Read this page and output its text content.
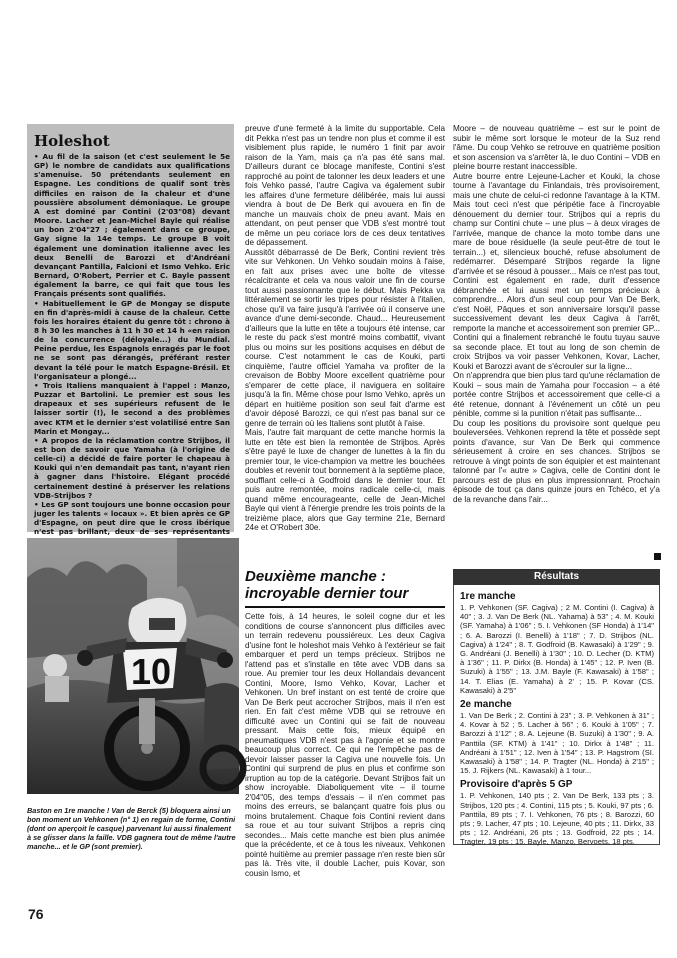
Holeshot

• Au fil de la saison (et c'est seulement le 5e GP) le nombre de candidats aux qualifications s'amenuise. 50 prétendants seulement en Espagne. Les conditions de qualif sont très difficiles en raison de la chaleur et d'une poussière absolument démoniaque. Le groupe A est dominé par Contini (2'03"08) devant Moore. Lacher et Jean-Michel Bayle qui réalise un bon 2'04"27 ; également dans ce groupe, Gay signe la 14e temps. Le groupe B voit également une domination italienne avec les deux Benelli de Barozzi et d'Andréani devançant Pantilla, Falcioni et Ismo Vehko. Eric Bernard, O'Robert, Perrier et C. Bayle passent également la barre, ce qui fait que tous les Français présents sont qualifiés.

• Habituellement le GP de Mongay se dispute en fin d'après-midi à cause de la chaleur. Cette fois les horaires étaient du genre tôt : chrono à 8 h 30 les manches à 11 h 30 et 14 h «en raison de la concurrence (déloyale...) du Mundial. Peine perdue, les Espagnols enragés par le foot ne se sont pas dérangés, préférant rester devant la télé pour le match Espagne-Brésil. Et l'organisateur a plongé...

• Trois Italiens manquaient à l'appel : Manzo, Puzzar et Bartolini. Le premier est sous les drapeaux et ses supérieurs refusent de le laisser sortir (!), le second a des problèmes avec KTM et le dernier s'est volatilisé entre San Marin et Mongay...

• A propos de la réclamation contre Strijbos, il est bon de savoir que Yamaha (à l'origine de celle-ci) a décidé de faire porter le chapeau à Kouki qui n'en demandait pas tant, n'ayant rien à gagner dans l'histoire. Elégant procédé certainement destiné à préserver les relations VDB-Strijbos ?

• Les GP sont toujours une bonne occasion pour juger les talents « locaux ». Et bien après ce GP d'Espagne, on peut dire que le cross ibérique n'est pas brillant, deux de ses représentants

10

Baston en 1re manche ! Van de Berck (5) bloquera ainsi un bon moment un Vehkonen (n° 1) en regain de forme, Contini (dont on aperçoit le casque) parvenant lui aussi finalement à se glisser dans la faille. VDB gagnera tout de même l'autre manche... et le GP (sont premier).

76

preuve d'une fermeté à la limite du supportable. Cela dit Pekka n'est pas un tendre non plus et comme il est visiblement plus rapide, le numéro 1 finit par avoir raison de la Yam, mais ça n'a pas été sans mal. D'ailleurs durant ce blocage manifeste, Contini s'est rapproché au point de talonner les deux leaders et une fois Vehko passé, l'autre Cagiva va également subir les affaires d'une fermeture délibérée, mais lui aussi viendra à bout de De Berk qui avouera en fin de manche un mauvais choix de pneu avant. Mais en attendant, on peut penser que VDB s'est montré tout de même un peu coriace lors de ces deux tentatives de dépassement.

Aussitôt débarrassé de De Berk, Contini revient très vite sur Vehkonen. Un Vehko soudain moins à l'aise, en fait aux prises avec une boîte de vitesse récalcitrante et cela va nous valoir une fin de course tout aussi passionnante que le début. Mais Pekka va littéralement se sortir les tripes pour résister à l'italien, chose qu'il va faire jusqu'à l'arrivée où il conserve une avance d'une demi-seconde. Chaud... Heureusement d'ailleurs que la lutte en tête a toujours été intense, car le reste du pack s'est montré moins combattif, vivant plus ou moins sur les positions acquises en début de course. C'est notamment le cas de Kouki, parti cinquième, l'autre officiel Yamaha va profiter de la crevaison de Bobby Moore excellent quatrième pour s'emparer de cette place, il naviguera en solitaire jusqu'à la fin. Même chose pour Ismo Vehko, après un départ en huitième position son seul fait d'arme est d'avoir déposé Barozzi, ce qui n'est pas banal sur ce genre de terrain où les Italiens sont plutôt à l'aise.

Mais, l'autre fait marquant de cette manche hormis la lutte en tête est bien la remontée de Strijbos. Après s'être payé le luxe de changer de lunettes à la fin du premier tour, le vice-champion va mettre les bouchées doubles et revenir tout bonnement à la septième place, soufflant celle-ci à Godfroid dans le dernier tour. Et puis autre remontée, moins radicale celle-ci, mais quand même encourageante, celle de Jean-Michel Bayle qui vient à l'énergie prendre les trois points de la treizième place, alors que Gay termine 21e, Bernard 24e et O'Robert 30e.

Moore – de nouveau quatrième – est sur le point de subir le même sort lorsque le moteur de la Suz rend l'âme. Du coup Vehko se retrouve en quatrième position et son ascension va s'arrêter là, le duo Contini – VDB en pleine bourre restant inaccessible.

Autre bourre entre Lejeune-Lacher et Kouki, la chose tourne à l'avantage du Finlandais, très provisoirement, mais une chute de celui-ci redonne l'avantage à la KTM. Mais tout ceci n'est que péripétie face à l'incroyable dénouement du dernier tour. Strijbos qui a repris du champ sur Contini chute – une plus – à deux virages de l'arrivée, manque de chance la moto tombe dans une mare de boue résiduelle (la seule peut-être de tout le terrain...) et, silencieux bouché, refuse absolument de redémarrer. Désemparé Strijbos regarde la ligne d'arrivée et se résoud à pousser... Mais ce n'est pas tout, Contini est également en rade, durit d'essence débranchée et lui aussi met un temps précieux à comprendre... Alors d'un seul coup pour Van De Berk, c'est Noël, Pâques et son anniversaire lorsqu'il passe successivement devant les deux Cagiva à l'arrêt, remporte la manche et accessoirement son premier GP... Contini qui a finalement rebranché le foutu tuyau sauve sa seconde place. Et tout au long de son chemin de croix Strijbos va voir passer Vehkonen, Kovar, Lacher, Kouki et Barozzi avant de s'écrouler sur la ligne...

On n'apprendra que bien plus tard qu'une réclamation de Kouki – sous main de Yamaha pour l'occasion – a été portée contre Strijbos et accessoirement que celle-ci a été retenue, donnant à l'événement un côté un peu pénible, comme si la punition n'était pas suffisante...

Du coup les positions du provisoire sont quelque peu bouleversées. Vehkonen reprend la tête et possède sept points d'avance, sur Van De Berk qui commence sérieusement à croire en ses chances. Strijbos se retrouve à vingt points de son équipier et est maintenant talonné par l'« autre » Cagiva, celle de Contini dont le parcours est de plus en plus impressionnant. Prochain épisode de tout ça dans quinze jours en Tchéco, et y'a de la revanche dans l'air...

Deuxième manche : incroyable dernier tour

Cette fois, à 14 heures, le soleil cogne dur et les conditions de course s'annoncent plus difficiles avec un terrain redevenu poussiéreux. Les deux Cagiva d'usine font le holeshot mais Vehko à l'extérieur se fait embarquer et perd un temps précieux. Strijbos ne l'attend pas et s'installe en tête avec VDB dans sa roue. Au premier tour les deux Hollandais devancent Contini, Moore, Ismo Vehko, Kovar, Lacher et Vehkonen. Un bref instant on est tenté de croire que Van De Berk peut accrocher Strijbos, mais il n'en est rien. En fait c'est même VDB qui se retrouve en difficulté avec un Contini qui se fait de nouveau pressant. Mais cette fois, mieux équipé en pneumatiques VDB n'est pas à l'agonie et se montre beaucoup plus correct. Ce qui ne l'empêche pas de devoir laisser passer la Cagiva une nouvelle fois. Un Contini qui surprend de plus en plus et confirme son irruption au top de la catégorie. Devant Strijbos fait un show incroyable. Diaboliquement vite – il tourne 2'04"05, des temps d'essais – il n'en commet pas moins des erreurs, se balançant quatre fois plus ou moins brutalement. Chaque fois Contini revient dans sa roue et au tour suivant Strijbos a repris cinq secondes... Mais cette manche est bien plus animée que la précédente, et ce à tous les niveaux. Vehkonen pointé huitième au premier passage n'en reste bien sûr pas là. Très vite, il double Lacher, puis Kovar, son cousin Ismo, et

Résultats

1re manche

1. P. Vehkonen (SF. Cagiva) ; 2 M. Contini (I. Cagiva) à 40" ; 3. J. Van De Berk (NL. Yahama) à 53" ; 4. M. Kouki (SF. Yamaha) à 1'06" ; 5. I. Vehkonen (SF Honda) à 1'14" ; 6. A. Barozzi (I. Benelli) à 1'18" ; 7. D. Strijbos (NL. Cagiva) à 1'24" ; 8. T. Godfroid (B. Kawasaki) à 1'29" ; 9. G. Andréani (J. Benelli) à 1'30" ; 10. D. Lecher (D. KTM) à 1'36" ; 11. P. Dirkx (B. Honda) à 1'45" ; 12. P. Iven (B. Suzuki) à 1'55" ; 13. J.M. Bayle (F. Kawasaki) à 1'58" ; 14. T. Elias (E. Yamaha) à 2' ; 15. P. Kovar (CS. Kawasaki) à 2'5"

2e manche

1. Van De Berk ; 2. Contini à 23" ; 3. P. Vehkonen à 31" ; 4. Kovar à 52 ; 5. Lacher à 56" ; 6. Kouki à 1'05" ; 7. Barozzi à 1'12" ; 8. A. Lejeune (B. Suzuki) à 1'30" ; 9. A. Panttila (SF. KTM) à 1'41" ; 10. Dirkx à 1'48" ; 11. Andréani à 1'51" ; 12. Iven à 1'54" ; 13. P. Hagstrom (SI. Kawasaki) à 1'58" ; 14. P. Tragter (NL. Honda) à 2'15" ; 15. J. Rijkers (NL. Kawasaki) à 1 tour...

Provisoire d'après 5 GP

1. P. Vehkonen, 140 pts ; 2. Van De Berk, 133 pts ; 3. Strijbos, 120 pts ; 4. Contini, 115 pts ; 5. Kouki, 97 pts ; 6. Panttila, 89 pts ; 7. I. Vehkonen, 76 pts ; 8. Barozzi, 60 pts ; 9. Lacher, 47 pts ; 10. Lejeune, 40 pts ; 11. Dirkx, 33 pts ; 12. Andréani, 26 pts ; 13. Godfroid, 22 pts ; 14. Tragter, 19 pts ; 15. Bayle, Manzo, Bervoets, 18 pts.
